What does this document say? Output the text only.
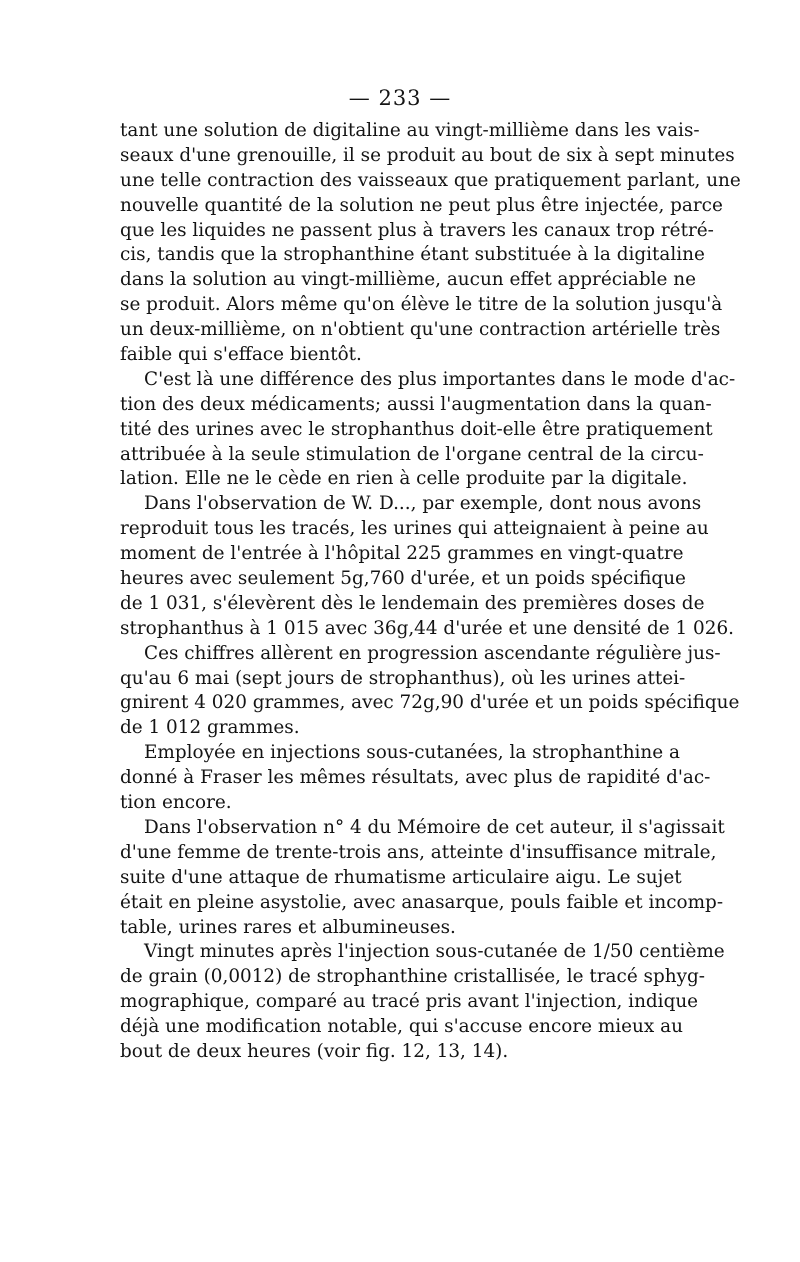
— 233 —
tant une solution de digitaline au vingt-millième dans les vais-
seaux d'une grenouille, il se produit au bout de six à sept minutes
une telle contraction des vaisseaux que pratiquement parlant, une
nouvelle quantité de la solution ne peut plus être injectée, parce
que les liquides ne passent plus à travers les canaux trop rétré-
cis, tandis que la strophanthine étant substituée à la digitaline
dans la solution au vingt-millième, aucun effet appréciable ne
se produit. Alors même qu'on élève le titre de la solution jusqu'à
un deux-millième, on n'obtient qu'une contraction artérielle très
faible qui s'efface bientôt.
C'est là une différence des plus importantes dans le mode d'ac-
tion des deux médicaments; aussi l'augmentation dans la quan-
tité des urines avec le strophanthus doit-elle être pratiquement
attribuée à la seule stimulation de l'organe central de la circu-
lation. Elle ne le cède en rien à celle produite par la digitale.
Dans l'observation de W. D..., par exemple, dont nous avons
reproduit tous les tracés, les urines qui atteignaient à peine au
moment de l'entrée à l'hôpital 225 grammes en vingt-quatre
heures avec seulement 5g,760 d'urée, et un poids spécifique
de 1 031, s'élevèrent dès le lendemain des premières doses de
strophanthus à 1 015 avec 36g,44 d'urée et une densité de 1 026.
Ces chiffres allèrent en progression ascendante régulière jus-
qu'au 6 mai (sept jours de strophanthus), où les urines attei-
gnirent 4 020 grammes, avec 72g,90 d'urée et un poids spécifique
de 1 012 grammes.
Employée en injections sous-cutanées, la strophanthine a
donné à Fraser les mêmes résultats, avec plus de rapidité d'ac-
tion encore.
Dans l'observation n° 4 du Mémoire de cet auteur, il s'agissait
d'une femme de trente-trois ans, atteinte d'insuffisance mitrale,
suite d'une attaque de rhumatisme articulaire aigu. Le sujet
était en pleine asystolie, avec anasarque, pouls faible et incomp-
table, urines rares et albumineuses.
Vingt minutes après l'injection sous-cutanée de 1/50 centième
de grain (0,0012) de strophanthine cristallisée, le tracé sphyg-
mographique, comparé au tracé pris avant l'injection, indique
déjà une modification notable, qui s'accuse encore mieux au
bout de deux heures (voir fig. 12, 13, 14).
